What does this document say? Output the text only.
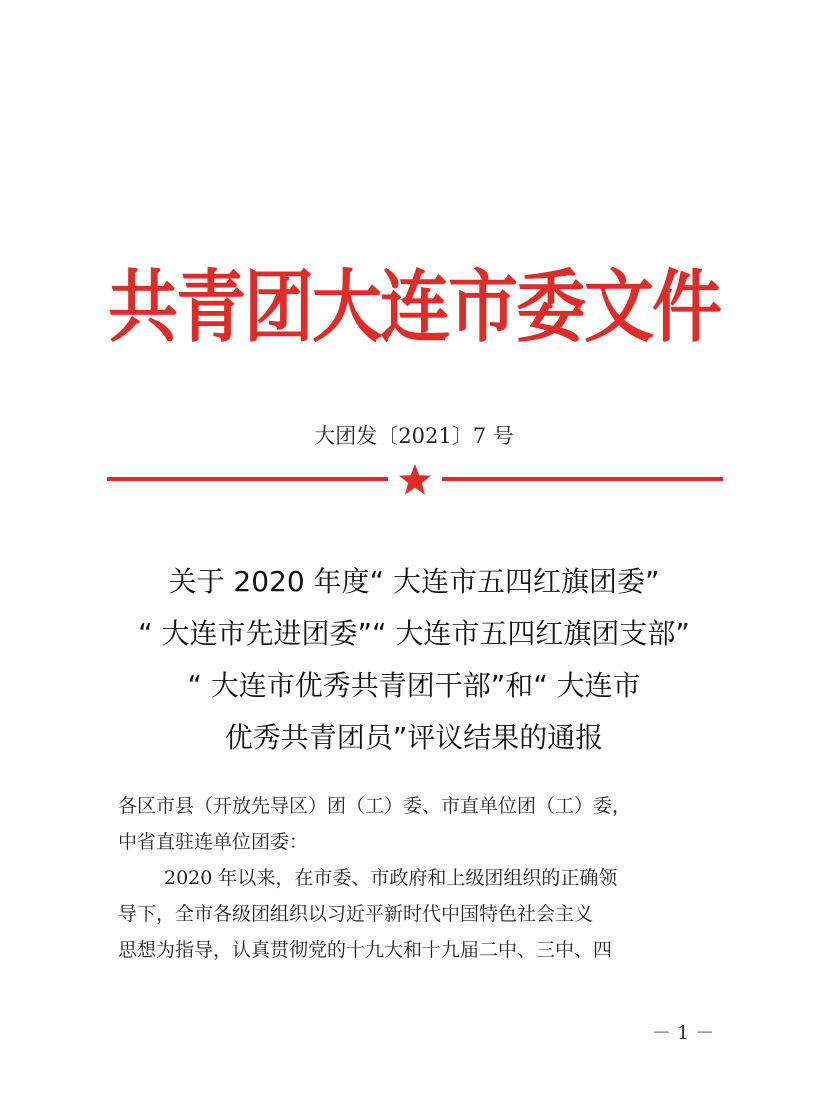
共青团大连市委文件
大团发〔2021〕7 号
关于 2020 年度“ 大连市五四红旗团委”
“ 大连市先进团委”“ 大连市五四红旗团支部”
“ 大连市优秀共青团干部”和“ 大连市
优秀共青团员”评议结果的通报
各区市县（开放先导区）团（工）委、市直单位团（工）委，
中省直驻连单位团委：
2020 年以来，在市委、市政府和上级团组织的正确领
导下，全市各级团组织以习近平新时代中国特色社会主义
思想为指导，认真贯彻党的十九大和十九届二中、三中、四
－ 1 －
